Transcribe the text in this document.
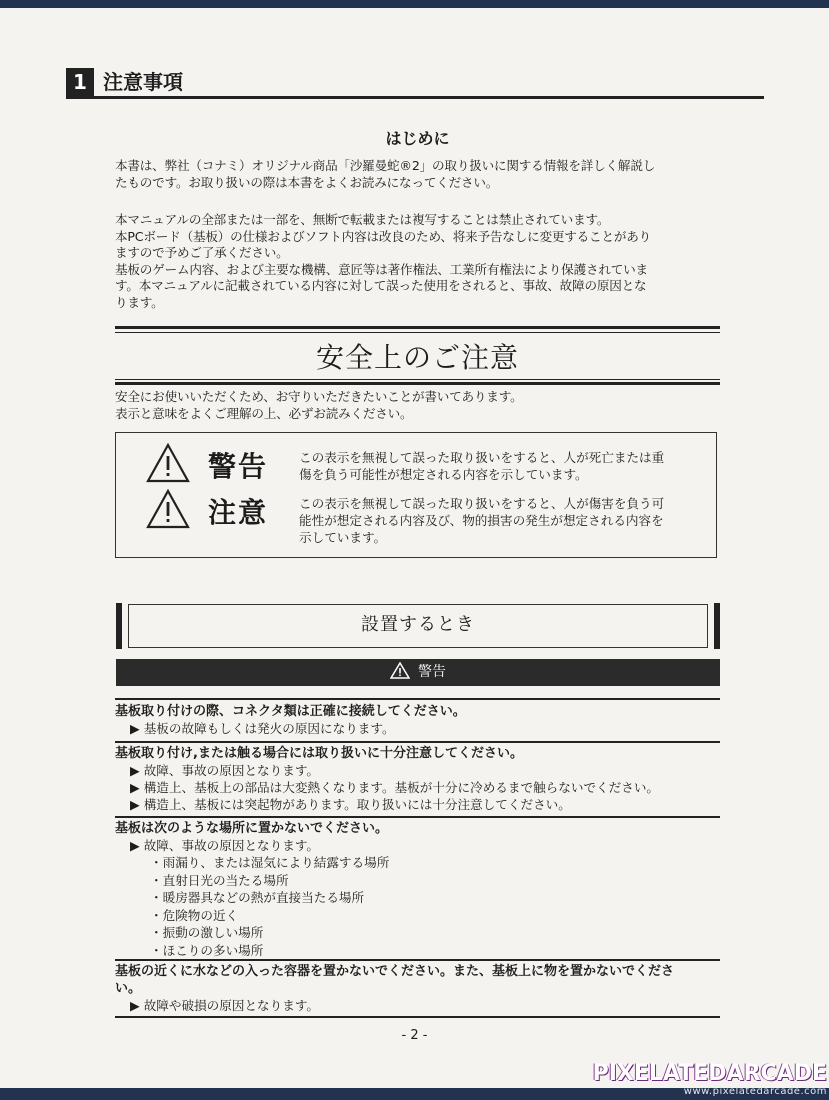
1 注意事項
はじめに
本書は、弊社（コナミ）オリジナル商品「沙羅曼蛇®2」の取り扱いに関する情報を詳しく解説し
たものです。お取り扱いの際は本書をよくお読みになってください。
本マニュアルの全部または一部を、無断で転載または複写することは禁止されています。
本PCボード（基板）の仕様およびソフト内容は改良のため、将来予告なしに変更することがあり
ますので予めご了承ください。
基板のゲーム内容、および主要な機構、意匠等は著作権法、工業所有権法により保護されていま
す。本マニュアルに記載されている内容に対して誤った使用をされると、事故、故障の原因とな
ります。
安全上のご注意
安全にお使いいただくため、お守りいただきたいことが書いてあります。
表示と意味をよくご理解の上、必ずお読みください。
警告 この表示を無視して誤った取り扱いをすると、人が死亡または重
傷を負う可能性が想定される内容を示しています。
注意 この表示を無視して誤った取り扱いをすると、人が傷害を負う可
能性が想定される内容及び、物的損害の発生が想定される内容を
示しています。
設置するとき
警告
基板取り付けの際、コネクタ類は正確に接続してください。
▶ 基板の故障もしくは発火の原因になります。
基板取り付け,または触る場合には取り扱いに十分注意してください。
▶ 故障、事故の原因となります。
▶ 構造上、基板上の部品は大変熱くなります。基板が十分に冷めるまで触らないでください。
▶ 構造上、基板には突起物があります。取り扱いには十分注意してください。
基板は次のような場所に置かないでください。
▶ 故障、事故の原因となります。
・雨漏り、または湿気により結露する場所
・直射日光の当たる場所
・暖房器具などの熱が直接当たる場所
・危険物の近く
・振動の激しい場所
・ほこりの多い場所
基板の近くに水などの入った容器を置かないでください。また、基板上に物を置かないでくださ
い。
▶ 故障や破損の原因となります。
- 2 -
PIXELATEDARCADE
www.pixelatedarcade.com
